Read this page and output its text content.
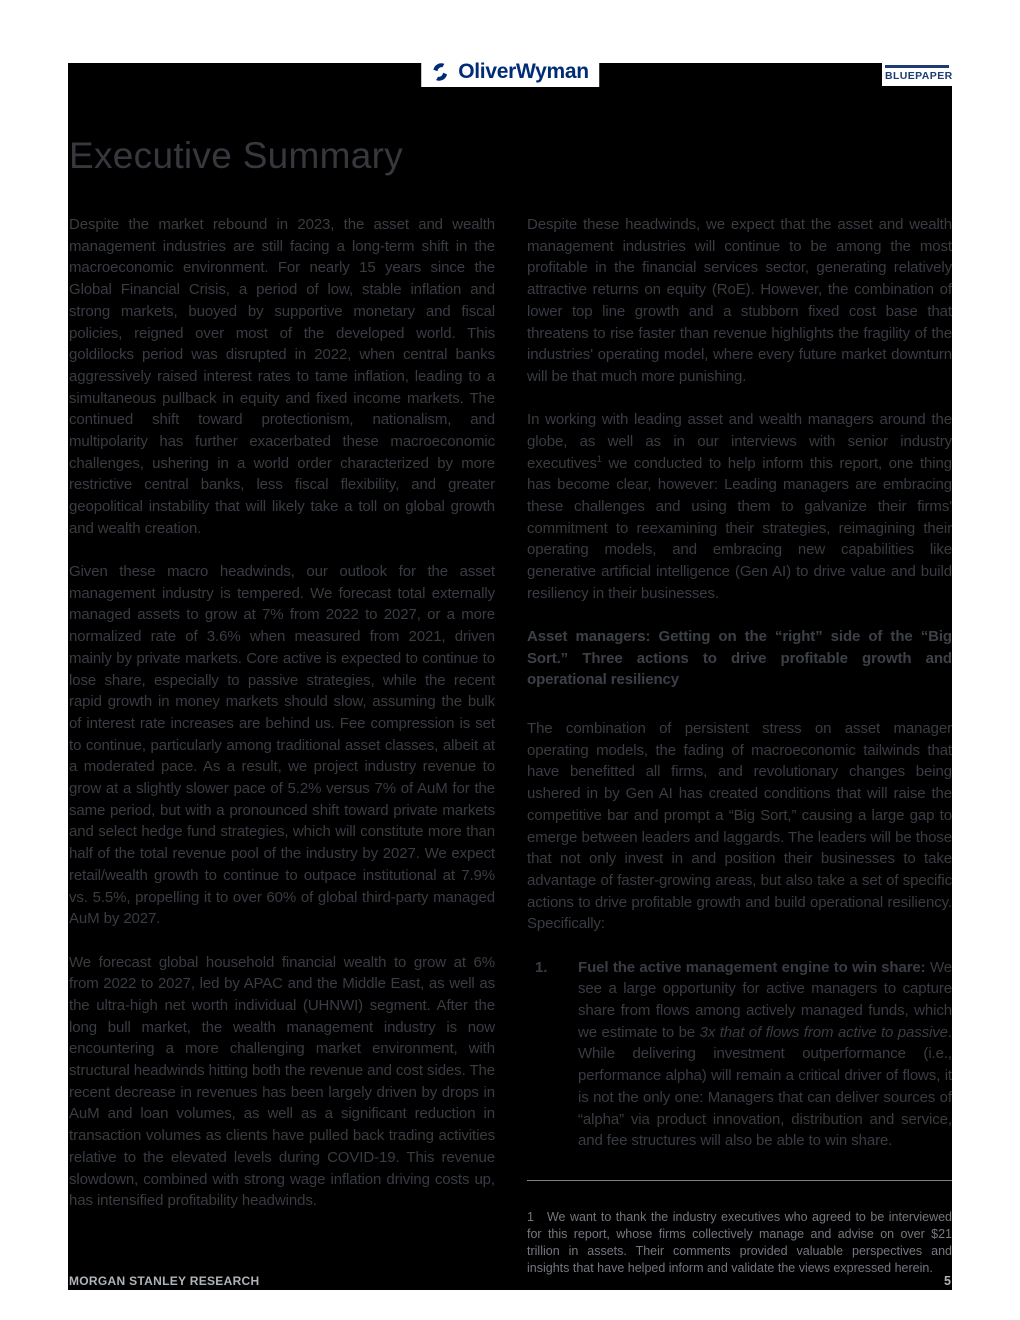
OliverWyman	BLUEPAPER
Executive Summary

Despite the market rebound in 2023, the asset and wealth management industries are still facing a long-term shift in the macroeconomic environment. For nearly 15 years since the Global Financial Crisis, a period of low, stable inflation and strong markets, buoyed by supportive monetary and fiscal policies, reigned over most of the developed world. This goldilocks period was disrupted in 2022, when central banks aggressively raised interest rates to tame inflation, leading to a simultaneous pullback in equity and fixed income markets. The continued shift toward protectionism, nationalism, and multipolarity has further exacerbated these macroeconomic challenges, ushering in a world order characterized by more restrictive central banks, less fiscal flexibility, and greater geopolitical instability that will likely take a toll on global growth and wealth creation.

Given these macro headwinds, our outlook for the asset management industry is tempered. We forecast total externally managed assets to grow at 7% from 2022 to 2027, or a more normalized rate of 3.6% when measured from 2021, driven mainly by private markets. Core active is expected to continue to lose share, especially to passive strategies, while the recent rapid growth in money markets should slow, assuming the bulk of interest rate increases are behind us. Fee compression is set to continue, particularly among traditional asset classes, albeit at a moderated pace. As a result, we project industry revenue to grow at a slightly slower pace of 5.2% versus 7% of AuM for the same period, but with a pronounced shift toward private markets and select hedge fund strategies, which will constitute more than half of the total revenue pool of the industry by 2027. We expect retail/wealth growth to continue to outpace institutional at 7.9% vs. 5.5%, propelling it to over 60% of global third-party managed AuM by 2027.

We forecast global household financial wealth to grow at 6% from 2022 to 2027, led by APAC and the Middle East, as well as the ultra-high net worth individual (UHNWI) segment. After the long bull market, the wealth management industry is now encountering a more challenging market environment, with structural headwinds hitting both the revenue and cost sides. The recent decrease in revenues has been largely driven by drops in AuM and loan volumes, as well as a significant reduction in transaction volumes as clients have pulled back trading activities relative to the elevated levels during COVID-19. This revenue slowdown, combined with strong wage inflation driving costs up, has intensified profitability headwinds.

Despite these headwinds, we expect that the asset and wealth management industries will continue to be among the most profitable in the financial services sector, generating relatively attractive returns on equity (RoE). However, the combination of lower top line growth and a stubborn fixed cost base that threatens to rise faster than revenue highlights the fragility of the industries' operating model, where every future market downturn will be that much more punishing.

In working with leading asset and wealth managers around the globe, as well as in our interviews with senior industry executives$^1$ we conducted to help inform this report, one thing has become clear, however: Leading managers are embracing these challenges and using them to galvanize their firms' commitment to reexamining their strategies, reimagining their operating models, and embracing new capabilities like generative artificial intelligence (Gen AI) to drive value and build resiliency in their businesses.

Asset managers: Getting on the “right” side of the “Big Sort.” Three actions to drive profitable growth and operational resiliency

The combination of persistent stress on asset manager operating models, the fading of macroeconomic tailwinds that have benefitted all firms, and revolutionary changes being ushered in by Gen AI has created conditions that will raise the competitive bar and prompt a “Big Sort,” causing a large gap to emerge between leaders and laggards. The leaders will be those that not only invest in and position their businesses to take advantage of faster-growing areas, but also take a set of specific actions to drive profitable growth and build operational resiliency. Specifically:

1. Fuel the active management engine to win share: We see a large opportunity for active managers to capture share from flows among actively managed funds, which we estimate to be 3x that of flows from active to passive. While delivering investment outperformance (i.e., performance alpha) will remain a critical driver of flows, it is not the only one: Managers that can deliver sources of “alpha” via product innovation, distribution and service, and fee structures will also be able to win share.
1 We want to thank the industry executives who agreed to be interviewed for this report, whose firms collectively manage and advise on over $21 trillion in assets. Their comments provided valuable perspectives and insights that have helped inform and validate the views expressed herein.
MORGAN STANLEY RESEARCH	5
